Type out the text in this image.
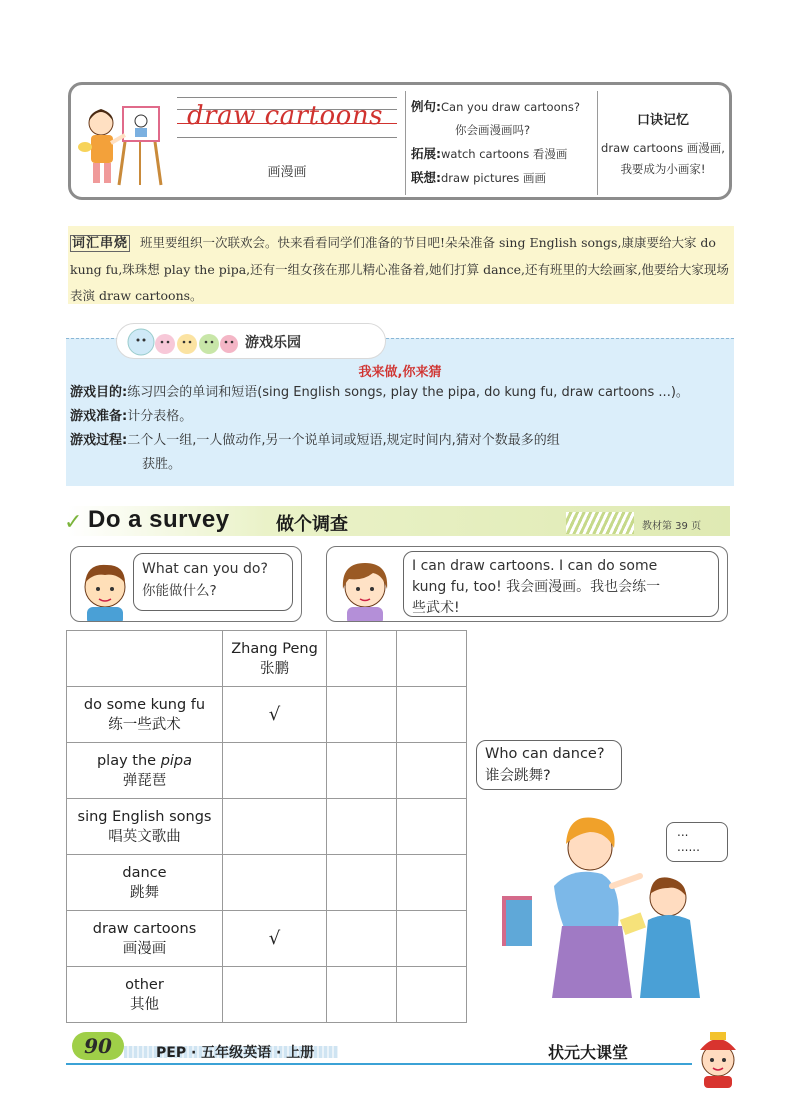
draw cartoons
画漫画
例句:Can you draw cartoons?
你会画漫画吗?
拓展:watch cartoons 看漫画
联想:draw pictures 画画
口诀记忆
draw cartoons 画漫画,
我要成为小画家!
词汇串烧 班里要组织一次联欢会。快来看看同学们准备的节目吧!朵朵准备 sing English songs,康康要给大家 do kung fu,珠珠想 play the pipa,还有一组女孩在那儿精心准备着,她们打算 dance,还有班里的大绘画家,他要给大家现场表演 draw cartoons。
游戏乐园
我来做,你来猜
游戏目的:练习四会的单词和短语(sing English songs, play the pipa, do kung fu, draw cartoons ...)。
游戏准备:计分表格。
游戏过程:二个人一组,一人做动作,另一个说单词或短语,规定时间内,猜对个数最多的组
获胜。
✓ Do a survey	做个调查	教材第 39 页
What can you do?
你能做什么?
I can draw cartoons. I can do some
kung fu, too! 我会画漫画。我也会练一
些武术!

	Zhang Peng
张鹏		

do some kung fu
练一些武术	√		

play the pipa
弹琵琶			

sing English songs
唱英文歌曲			

dance
跳舞			

draw cartoons
画漫画	√		

other
其他			

Who can dance?
谁会跳舞?
...
......
90	PEP · 五年级英语 · 上册	状元大课堂
